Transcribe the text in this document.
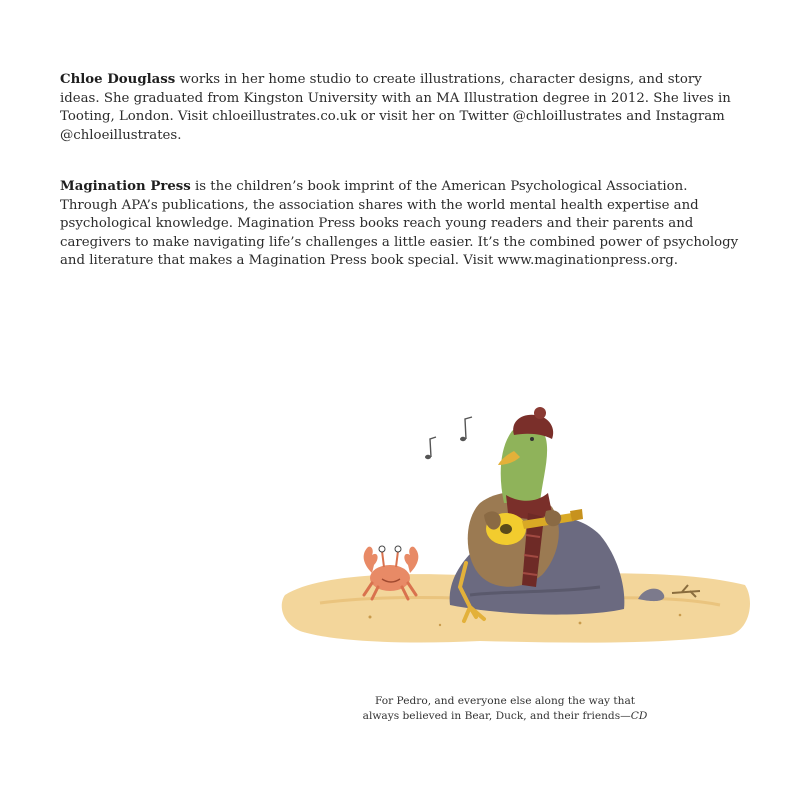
Chloe Douglass works in her home studio to create illustrations, character designs, and story ideas. She graduated from Kingston University with an MA Illustration degree in 2012. She lives in Tooting, London. Visit chloeillustrates.co.uk or visit her on Twitter @chloillustrates and Instagram @chloeillustrates.

Magination Press is the children’s book imprint of the American Psychological Association. Through APA’s publications, the association shares with the world mental health expertise and psychological knowledge. Magination Press books reach young readers and their parents and caregivers to make navigating life’s challenges a little easier. It’s the combined power of psychology and literature that makes a Magination Press book special. Visit www.maginationpress.org.

For Pedro, and everyone else along the way that
always believed in Bear, Duck, and their friends—CD
